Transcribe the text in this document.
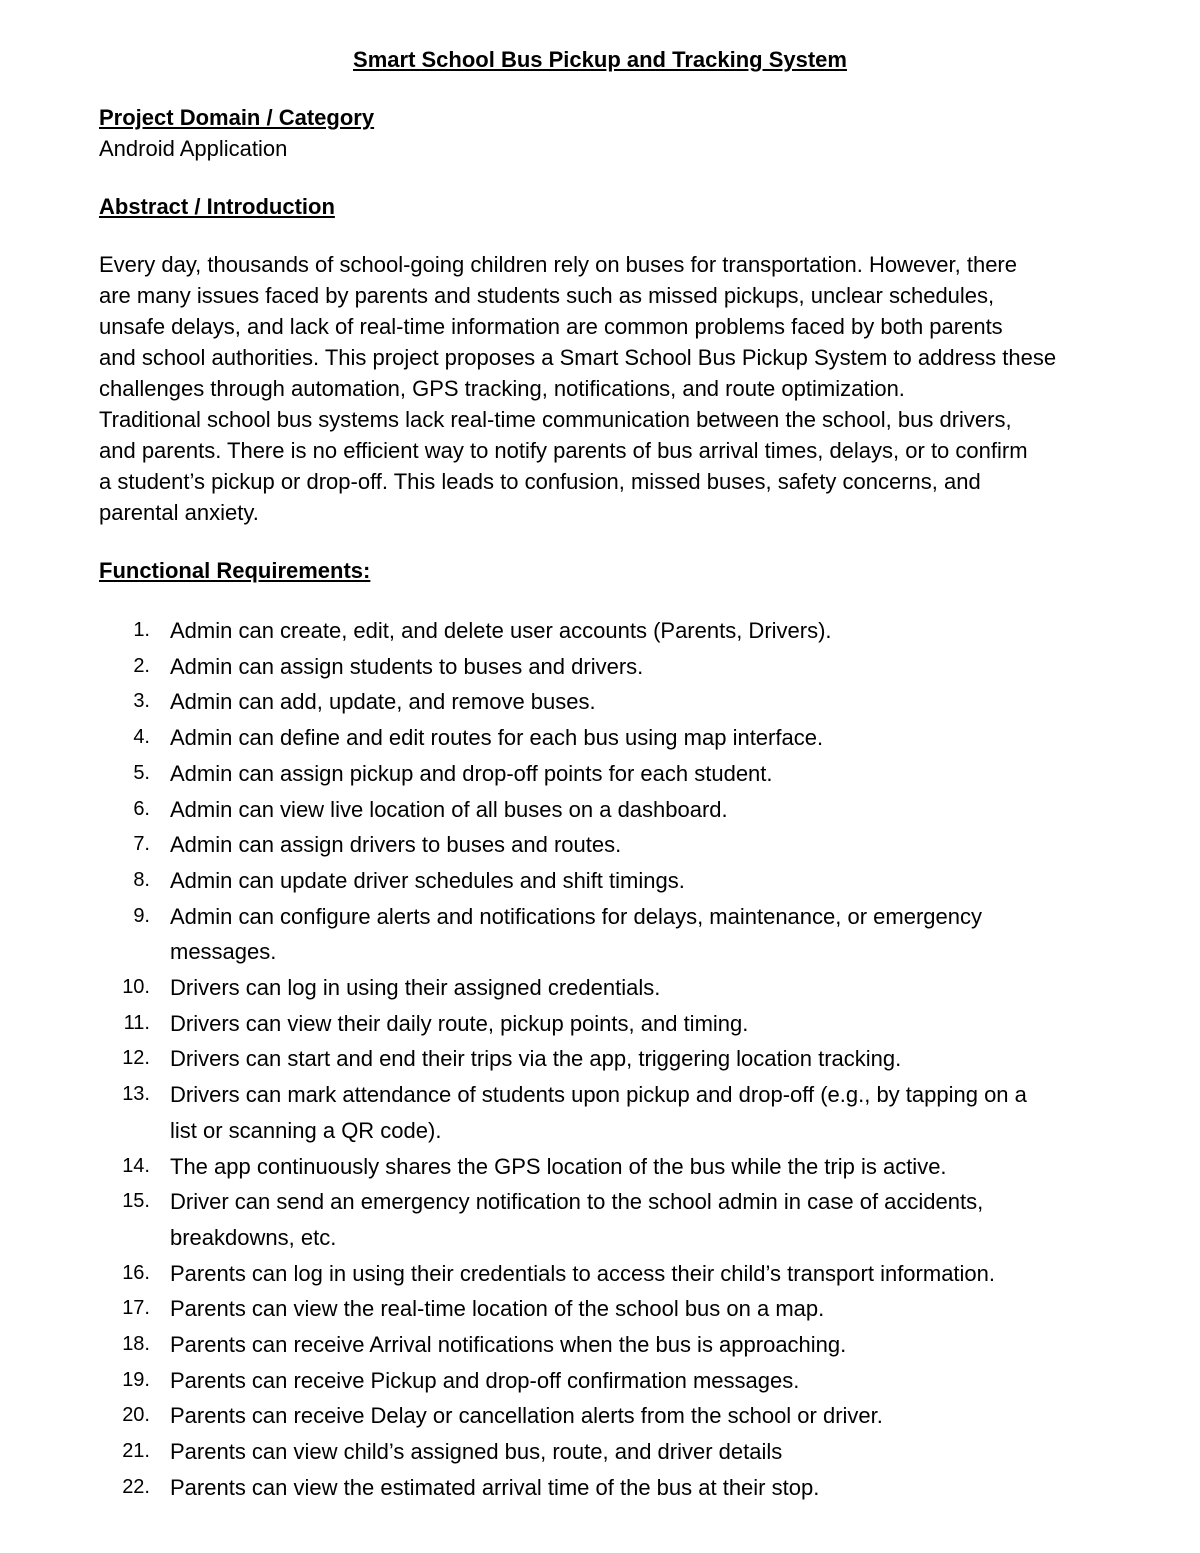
Smart School Bus Pickup and Tracking System

Project Domain / Category

Android Application

Abstract / Introduction

Every day, thousands of school-going children rely on buses for transportation. However, there
are many issues faced by parents and students such as missed pickups, unclear schedules,
unsafe delays, and lack of real-time information are common problems faced by both parents
and school authorities. This project proposes a Smart School Bus Pickup System to address these
challenges through automation, GPS tracking, notifications, and route optimization.
Traditional school bus systems lack real-time communication between the school, bus drivers,
and parents. There is no efficient way to notify parents of bus arrival times, delays, or to confirm
a student’s pickup or drop-off. This leads to confusion, missed buses, safety concerns, and
parental anxiety.

Functional Requirements:

1. Admin can create, edit, and delete user accounts (Parents, Drivers).
2. Admin can assign students to buses and drivers.
3. Admin can add, update, and remove buses.
4. Admin can define and edit routes for each bus using map interface.
5. Admin can assign pickup and drop-off points for each student.
6. Admin can view live location of all buses on a dashboard.
7. Admin can assign drivers to buses and routes.
8. Admin can update driver schedules and shift timings.
9. Admin can configure alerts and notifications for delays, maintenance, or emergency
messages.
10. Drivers can log in using their assigned credentials.
11. Drivers can view their daily route, pickup points, and timing.
12. Drivers can start and end their trips via the app, triggering location tracking.
13. Drivers can mark attendance of students upon pickup and drop-off (e.g., by tapping on a
list or scanning a QR code).
14. The app continuously shares the GPS location of the bus while the trip is active.
15. Driver can send an emergency notification to the school admin in case of accidents,
breakdowns, etc.
16. Parents can log in using their credentials to access their child’s transport information.
17. Parents can view the real-time location of the school bus on a map.
18. Parents can receive Arrival notifications when the bus is approaching.
19. Parents can receive Pickup and drop-off confirmation messages.
20. Parents can receive Delay or cancellation alerts from the school or driver.
21. Parents can view child’s assigned bus, route, and driver details
22. Parents can view the estimated arrival time of the bus at their stop.
